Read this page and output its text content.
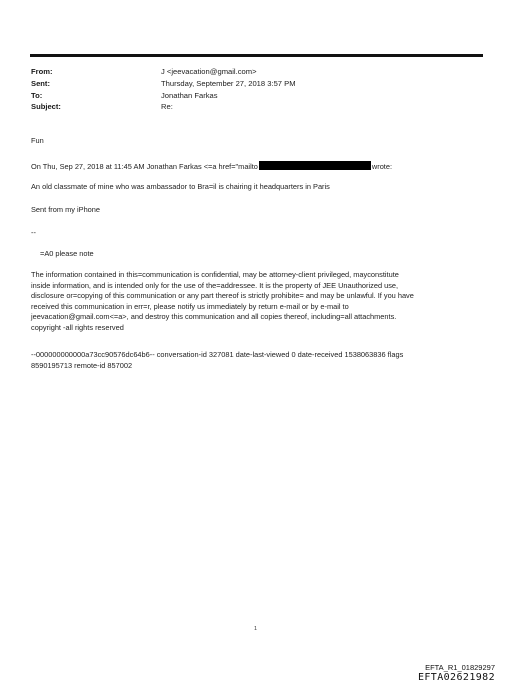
From:	J <jeevacation@gmail.com>
Sent:	Thursday, September 27, 2018 3:57 PM
To:	Jonathan Farkas
Subject:	Re:
Fun
On Thu, Sep 27, 2018 at 11:45 AM Jonathan Farkas <=a href="mailto	wrote:
An old classmate of mine who was ambassador to Bra=il is chairing it headquarters in Paris
Sent from my iPhone
--
=A0 please note
The information contained in this=communication is confidential, may be attorney-client privileged, mayconstitute
inside information, and is intended only for the use of the=addressee. It is the property of JEE Unauthorized use,
disclosure or=copying of this communication or any part thereof is strictly prohibite= and may be unlawful. If you have
received this communication in err=r, please notify us immediately by return e-mail or by e-mail to
jeevacation@gmail.com<=a>, and destroy this communication and all copies thereof, including=all attachments.
copyright -all rights reserved
--000000000000a73cc90576dc64b6-- conversation-id 327081 date-last-viewed 0 date-received 1538063836 flags
8590195713 remote-id 857002
1
EFTA_R1_01829297
EFTA02621982
